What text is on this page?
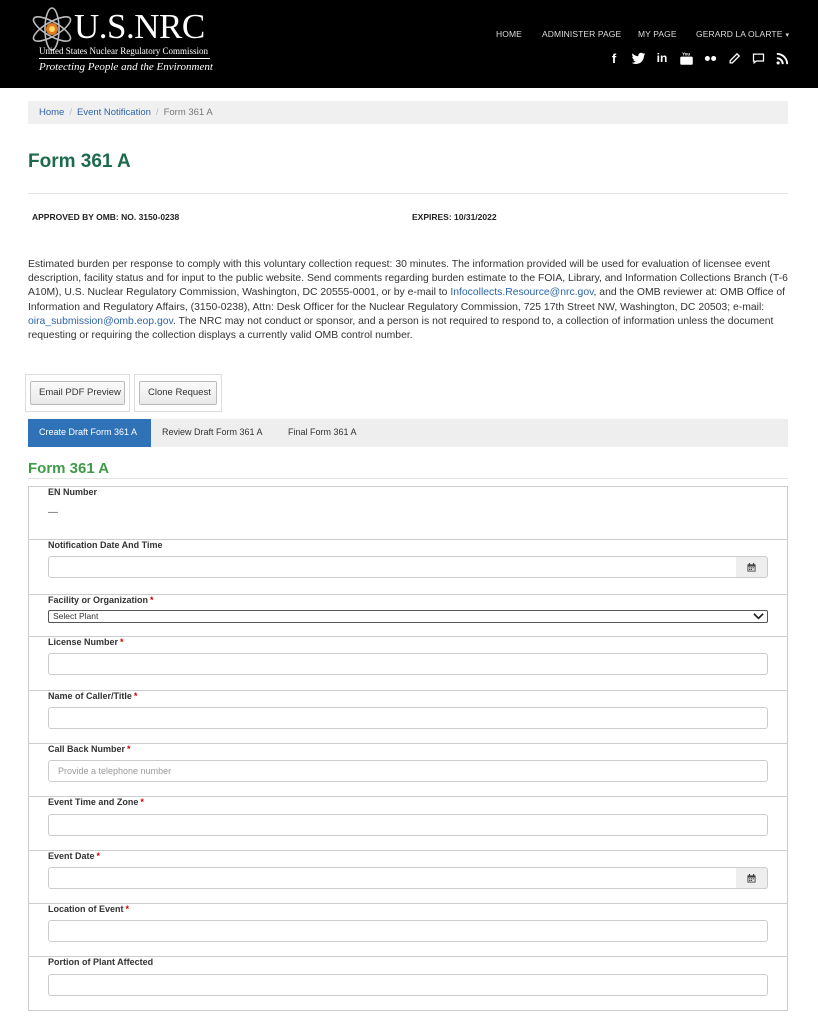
U.S.NRC
United States Nuclear Regulatory Commission
Protecting People and the Environment
HOME ADMINISTER PAGE MY PAGE GERARD LA OLARTE ▾
f	in	You
Home / Event Notification / Form 361 A
Form 361 A
APPROVED BY OMB: NO. 3150-0238	EXPIRES: 10/31/2022
Estimated burden per response to comply with this voluntary collection request: 30 minutes. The information provided will be used for evaluation of licensee event description, facility status and for input to the public website. Send comments regarding burden estimate to the FOIA, Library, and Information Collections Branch (T-6 A10M), U.S. Nuclear Regulatory Commission, Washington, DC 20555-0001, or by e-mail to Infocollects.Resource@nrc.gov, and the OMB reviewer at: OMB Office of Information and Regulatory Affairs, (3150-0238), Attn: Desk Officer for the Nuclear Regulatory Commission, 725 17th Street NW, Washington, DC 20503; e-mail: oira_submission@omb.eop.gov. The NRC may not conduct or sponsor, and a person is not required to respond to, a collection of information unless the document requesting or requiring the collection displays a currently valid OMB control number.
Email PDF Preview	Clone Request
Create Draft Form 361 A	Review Draft Form 361 A	Final Form 361 A
Form 361 A
EN Number
—
Notification Date And Time
Facility or Organization *
Select Plant
License Number *
Name of Caller/Title *
Call Back Number *
Provide a telephone number
Event Time and Zone *
Event Date *
Location of Event *
Portion of Plant Affected
